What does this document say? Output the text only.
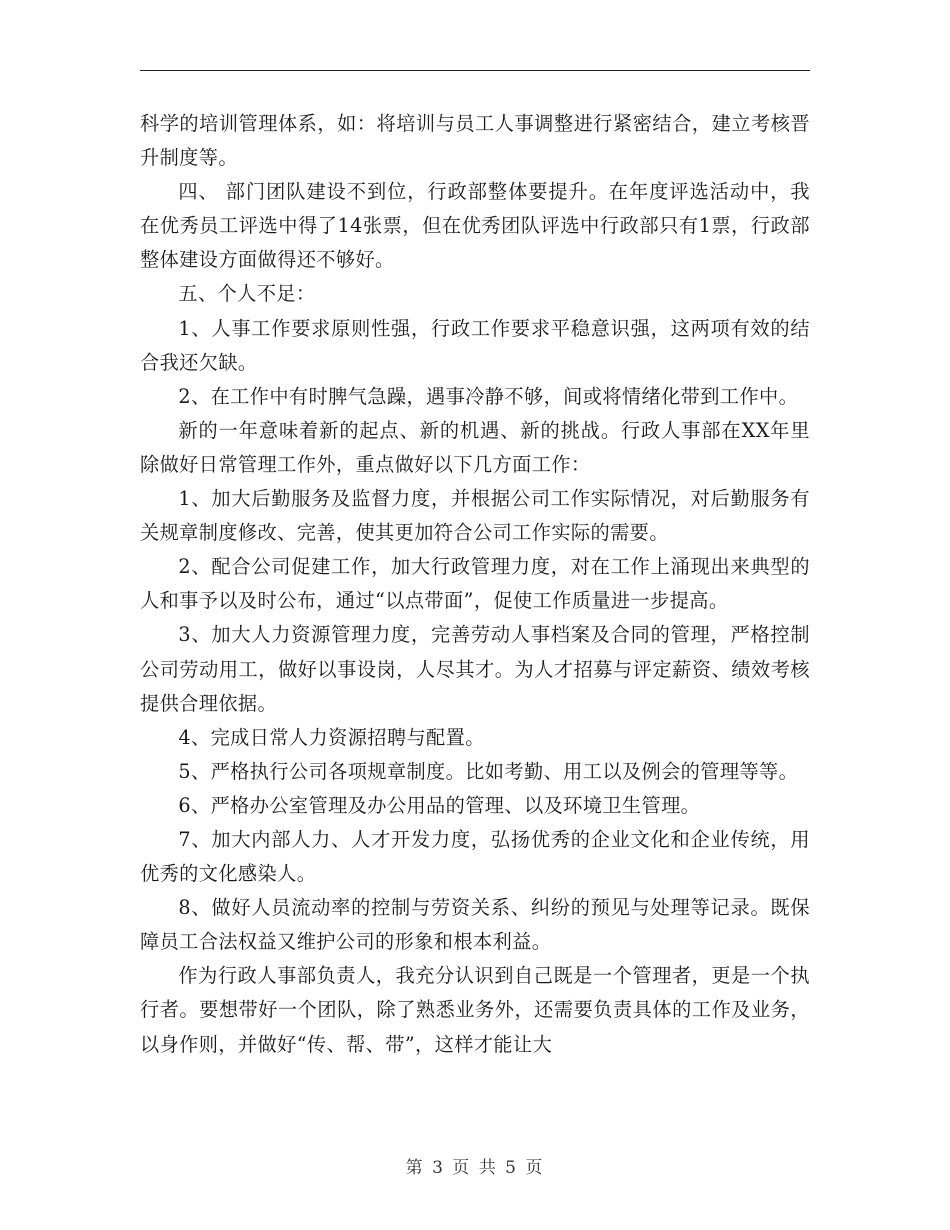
科学的培训管理体系，如：将培训与员工人事调整进行紧密结合，建立考核晋升制度等。

四、 部门团队建设不到位，行政部整体要提升。在年度评选活动中，我在优秀员工评选中得了14张票，但在优秀团队评选中行政部只有1票，行政部整体建设方面做得还不够好。

五、个人不足：

1、人事工作要求原则性强，行政工作要求平稳意识强，这两项有效的结合我还欠缺。

2、在工作中有时脾气急躁，遇事冷静不够，间或将情绪化带到工作中。

新的一年意味着新的起点、新的机遇、新的挑战。行政人事部在XX年里除做好日常管理工作外，重点做好以下几方面工作：

1、加大后勤服务及监督力度，并根据公司工作实际情况，对后勤服务有关规章制度修改、完善，使其更加符合公司工作实际的需要。

2、配合公司促建工作，加大行政管理力度，对在工作上涌现出来典型的人和事予以及时公布，通过“以点带面”，促使工作质量进一步提高。

3、加大人力资源管理力度，完善劳动人事档案及合同的管理，严格控制公司劳动用工，做好以事设岗，人尽其才。为人才招募与评定薪资、绩效考核提供合理依据。

4、完成日常人力资源招聘与配置。

5、严格执行公司各项规章制度。比如考勤、用工以及例会的管理等等。

6、严格办公室管理及办公用品的管理、以及环境卫生管理。

7、加大内部人力、人才开发力度，弘扬优秀的企业文化和企业传统，用优秀的文化感染人。

8、做好人员流动率的控制与劳资关系、纠纷的预见与处理等记录。既保障员工合法权益又维护公司的形象和根本利益。

作为行政人事部负责人，我充分认识到自己既是一个管理者，更是一个执行者。要想带好一个团队，除了熟悉业务外，还需要负责具体的工作及业务，以身作则，并做好“传、帮、带”，这样才能让大

第 3 页 共 5 页
